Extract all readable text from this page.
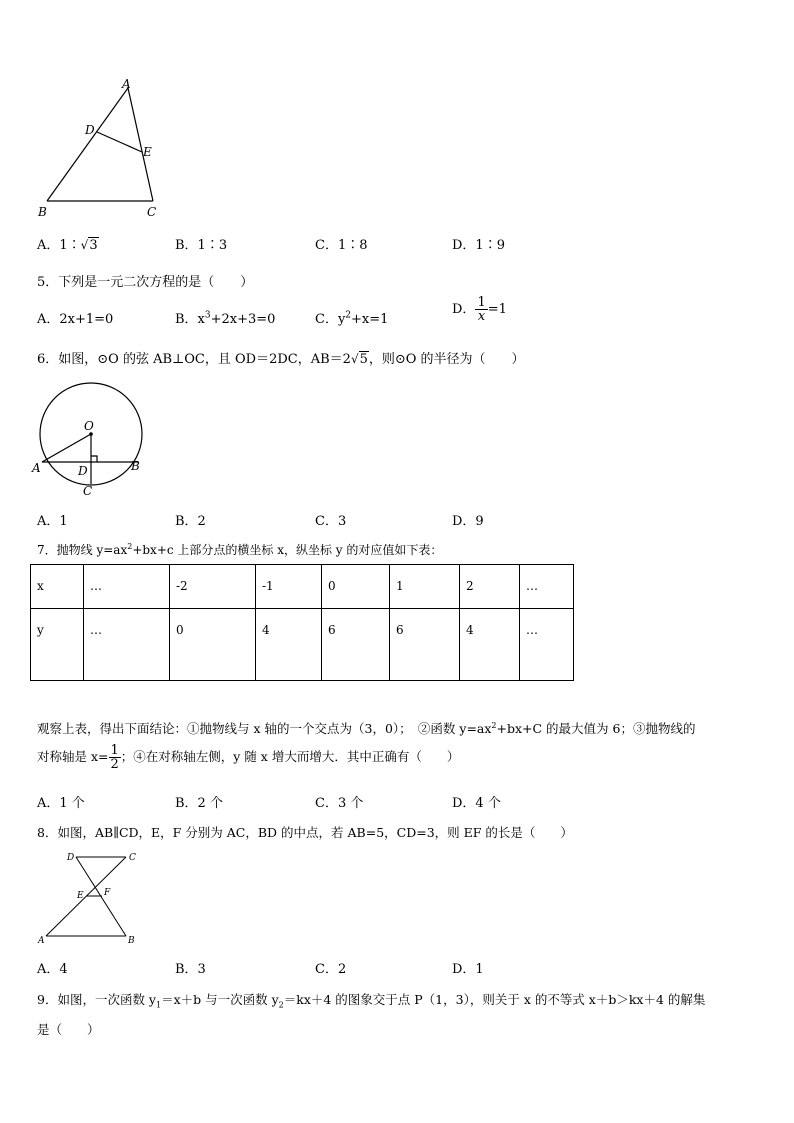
A
D
E
B	C
A．1∶√3	B．1∶3	C．1∶8	D．1∶9
5．下列是一元二次方程的是（　　）
A．2x+1=0	B．$x^3+2x+3=0$	C．$y^2+x=1$
D． $\frac{1}{x} =1$
6．如图，⊙O 的弦 AB⊥OC，且 OD＝2DC，AB＝2√5，则⊙O 的半径为（　　）
O
A	B
D
C
A．1	B．2	C．3	D．9
7．抛物线 $y=ax^2+bx+c$ 上部分点的横坐标 x，纵坐标 y 的对应值如下表：
x	…	-2	-1	0	1	2	…
y	…	0	4	6	6	4	…
观察上表，得出下面结论：①抛物线与 x 轴的一个交点为（3，0）；　②函数 $y=ax^2+bx+C$ 的最大值为 6；③抛物线的
对称轴是 $x= \frac{1}{2}$ ；④在对称轴左侧，y 随 x 增大而增大．其中正确有（　　）
A．1 个	B．2 个	C．3 个	D．4 个
8．如图，AB∥CD，E，F 分别为 AC，BD 的中点，若 AB=5，CD=3，则 EF 的长是（　　）
D	C
E F
A	B
A．4	B．3	C．2	D．1
9．如图，一次函数 $y_1=x+b$ 与一次函数 $y_2=kx+4$ 的图象交于点 P（1，3），则关于 x 的不等式 x＋b＞kx＋4 的解集
是（　　）
